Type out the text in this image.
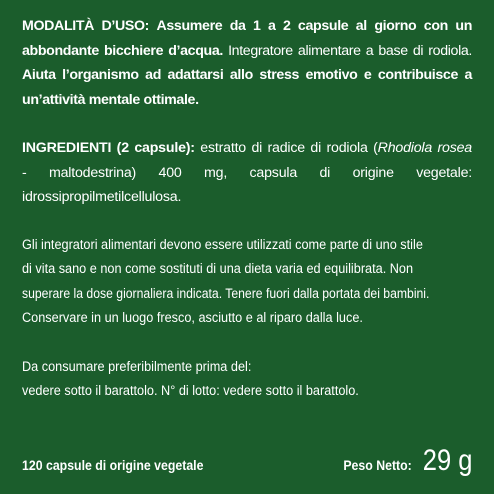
MODALITÀ D’USO: Assumere da 1 a 2 capsule al giorno con un abbondante bicchiere d’acqua. Integratore alimentare a base di rodiola. Aiuta l’organismo ad adattarsi allo stress emotivo e contribuisce a un’attività mentale ottimale.

INGREDIENTI (2 capsule): estratto di radice di rodiola (Rhodiola rosea - maltodestrina) 400 mg, capsula di origine vegetale: idrossipropilmetilcellulosa.

Gli integratori alimentari devono essere utilizzati come parte di uno stile
di vita sano e non come sostituti di una dieta varia ed equilibrata. Non
superare la dose giornaliera indicata. Tenere fuori dalla portata dei bambini.
Conservare in un luogo fresco, asciutto e al riparo dalla luce.
Da consumare preferibilmente prima del:
vedere sotto il barattolo. N° di lotto: vedere sotto il barattolo.
120 capsule di origine vegetale	Peso Netto: 29 g
